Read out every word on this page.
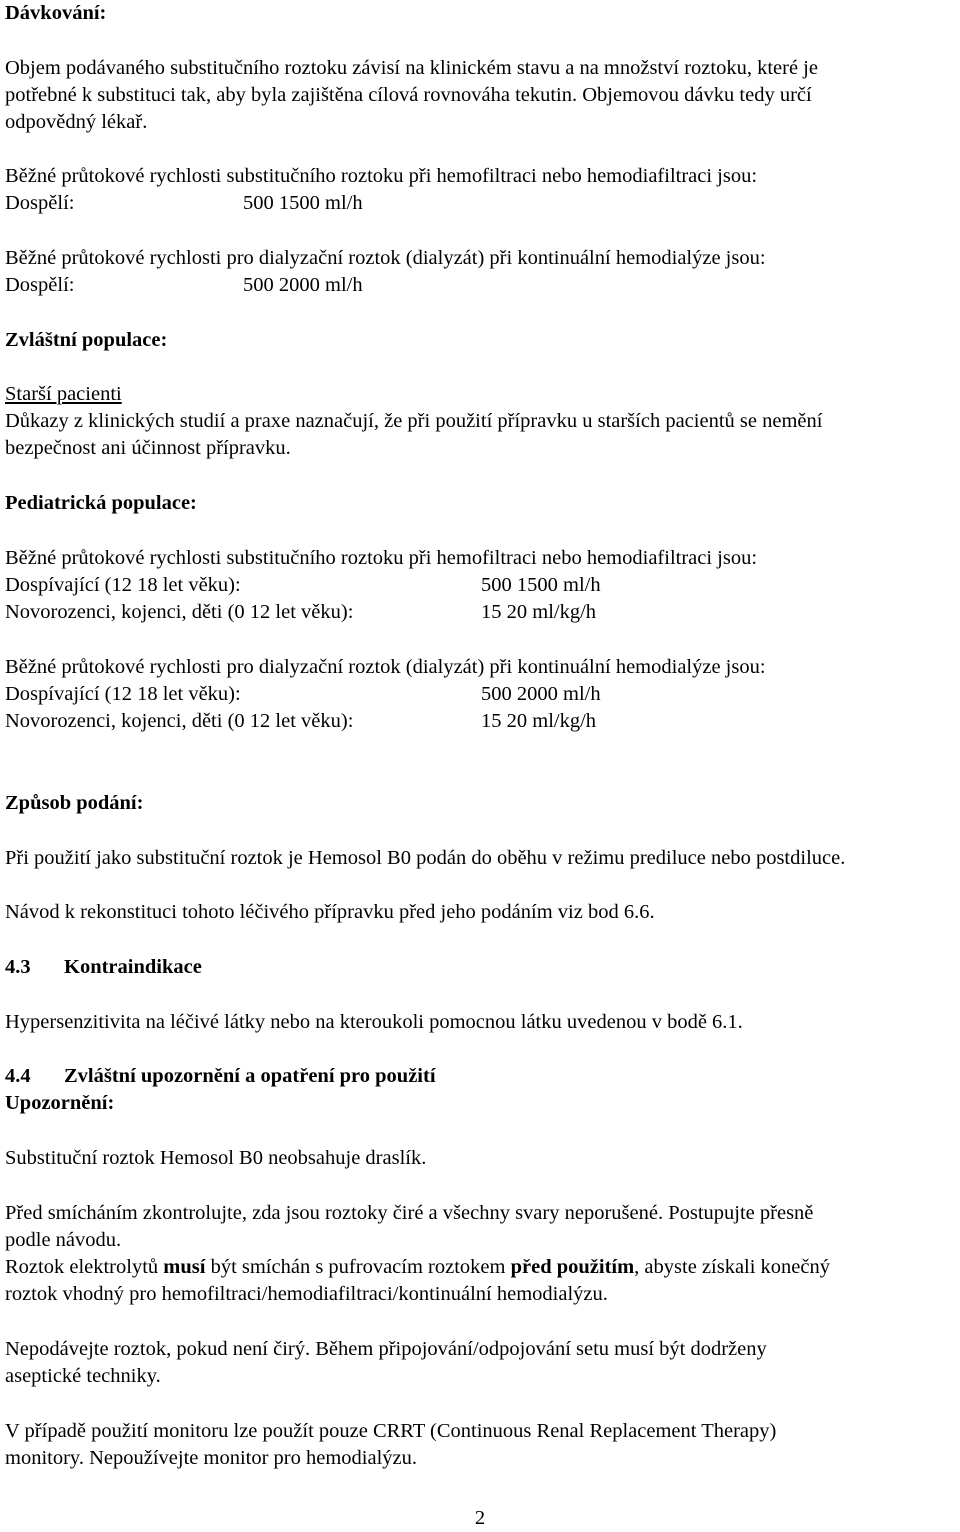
Dávkování:
Objem podávaného substitučního roztoku závisí na klinickém stavu a na množství roztoku, které je
potřebné k substituci tak, aby byla zajištěna cílová rovnováha tekutin. Objemovou dávku tedy určí
odpovědný lékař.
Běžné průtokové rychlosti substitučního roztoku při hemofiltraci nebo hemodiafiltraci jsou:
Dospělí:	500 1500 ml/h
Běžné průtokové rychlosti pro dialyzační roztok (dialyzát) při kontinuální hemodialýze jsou:
Dospělí:	500 2000 ml/h
Zvláštní populace:
Starší pacienti
Důkazy z klinických studií a praxe naznačují, že při použití přípravku u starších pacientů se nemění
bezpečnost ani účinnost přípravku.
Pediatrická populace:
Běžné průtokové rychlosti substitučního roztoku při hemofiltraci nebo hemodiafiltraci jsou:
Dospívající (12 18 let věku):	500 1500 ml/h
Novorozenci, kojenci, děti (0 12 let věku):	15 20 ml/kg/h
Běžné průtokové rychlosti pro dialyzační roztok (dialyzát) při kontinuální hemodialýze jsou:
Dospívající (12 18 let věku):	500 2000 ml/h
Novorozenci, kojenci, děti (0 12 let věku):	15 20 ml/kg/h
Způsob podání:
Při použití jako substituční roztok je Hemosol B0 podán do oběhu v režimu prediluce nebo postdiluce.
Návod k rekonstituci tohoto léčivého přípravku před jeho podáním viz bod 6.6.
4.3 Kontraindikace
Hypersenzitivita na léčivé látky nebo na kteroukoli pomocnou látku uvedenou v bodě 6.1.
4.4 Zvláštní upozornění a opatření pro použití
Upozornění:
Substituční roztok Hemosol B0 neobsahuje draslík.
Před smícháním zkontrolujte, zda jsou roztoky čiré a všechny svary neporušené. Postupujte přesně
podle návodu.
Roztok elektrolytů musí být smíchán s pufrovacím roztokem před použitím, abyste získali konečný
roztok vhodný pro hemofiltraci/hemodiafiltraci/kontinuální hemodialýzu.
Nepodávejte roztok, pokud není čirý. Během připojování/odpojování setu musí být dodrženy
aseptické techniky.
V případě použití monitoru lze použít pouze CRRT (Continuous Renal Replacement Therapy)
monitory. Nepoužívejte monitor pro hemodialýzu.
2
